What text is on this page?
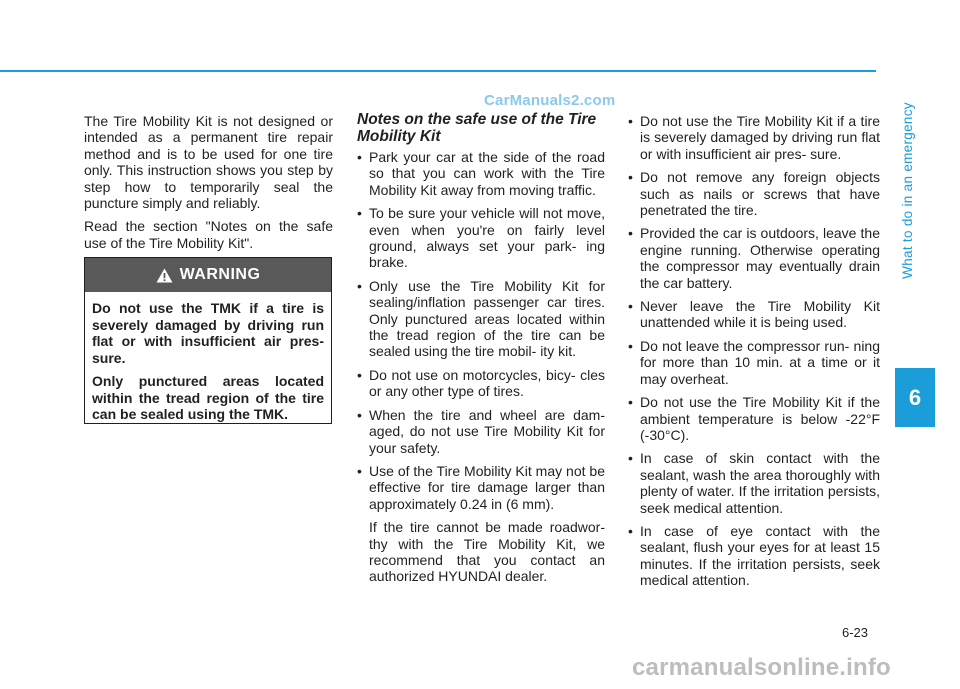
CarManuals2.com

The Tire Mobility Kit is not designed or intended as a permanent tire repair method and is to be used for one tire only. This instruction shows you step by step how to temporarily seal the puncture simply and reliably.

Read the section "Notes on the safe use of the Tire Mobility Kit".

WARNING

Do not use the TMK if a tire is severely damaged by driving run flat or with insufficient air pres- sure.

Only punctured areas located within the tread region of the tire can be sealed using the TMK.

Notes on the safe use of the Tire Mobility Kit
• Park your car at the side of the road so that you can work with the Tire Mobility Kit away from moving traffic.
• To be sure your vehicle will not move, even when you're on fairly level ground, always set your park- ing brake.
• Only use the Tire Mobility Kit for sealing/inflation passenger car tires. Only punctured areas located within the tread region of the tire can be sealed using the tire mobil- ity kit.
• Do not use on motorcycles, bicy- cles or any other type of tires.
• When the tire and wheel are dam- aged, do not use Tire Mobility Kit for your safety.
• Use of the Tire Mobility Kit may not be effective for tire damage larger than approximately 0.24 in (6 mm).

If the tire cannot be made roadwor- thy with the Tire Mobility Kit, we recommend that you contact an authorized HYUNDAI dealer.

• Do not use the Tire Mobility Kit if a tire is severely damaged by driving run flat or with insufficient air pres- sure.
• Do not remove any foreign objects such as nails or screws that have penetrated the tire.
• Provided the car is outdoors, leave the engine running. Otherwise operating the compressor may eventually drain the car battery.
• Never leave the Tire Mobility Kit unattended while it is being used.
• Do not leave the compressor run- ning for more than 10 min. at a time or it may overheat.
• Do not use the Tire Mobility Kit if the ambient temperature is below -22°F (-30°C).
• In case of skin contact with the sealant, wash the area thoroughly with plenty of water. If the irritation persists, seek medical attention.
• In case of eye contact with the sealant, flush your eyes for at least 15 minutes. If the irritation persists, seek medical attention.
What to do in an emergency
6
6-23
carmanualsonline.info
